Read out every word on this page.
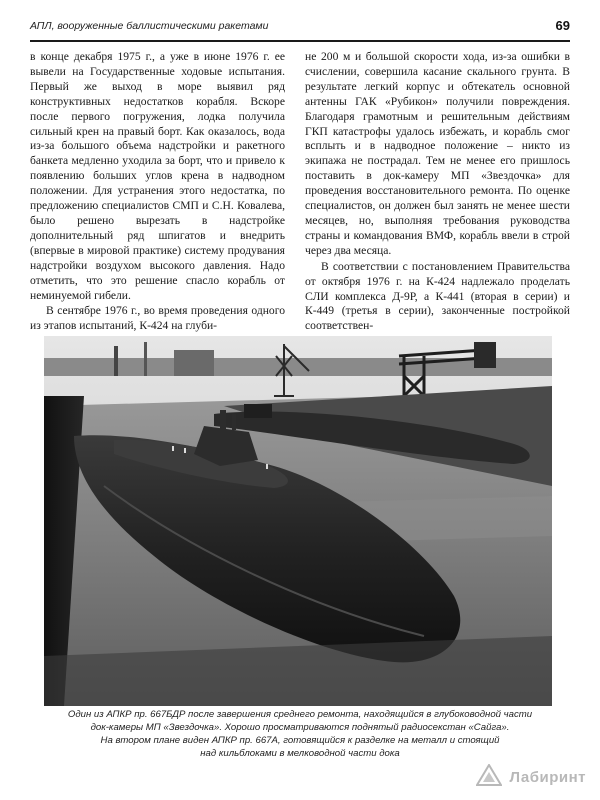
АПЛ, вооруженные баллистическими ракетами	69

в конце декабря 1975 г., а уже в июне 1976 г. ее вывели на Государственные ходовые испытания. Первый же выход в море выявил ряд конструктивных недостатков корабля. Вскоре после первого погружения, лодка получила сильный крен на правый борт. Как оказалось, вода из-за большого объема надстройки и ракетного банкета медленно уходила за борт, что и привело к появлению больших углов крена в надводном положении. Для устранения этого недостатка, по предложению специалистов СМП и С.Н. Ковалева, было решено вырезать в надстройке дополнительный ряд шпигатов и внедрить (впервые в мировой практике) систему продувания надстройки воздухом высокого давления. Надо отметить, что это решение спасло корабль от неминуемой гибели.

В сентябре 1976 г., во время проведения одного из этапов испытаний, К-424 на глуби-

не 200 м и большой скорости хода, из-за ошибки в счислении, совершила касание скального грунта. В результате легкий корпус и обтекатель основной антенны ГАК «Рубикон» получили повреждения. Благодаря грамотным и решительным действиям ГКП катастрофы удалось избежать, и корабль смог всплыть и в надводное положение – никто из экипажа не пострадал. Тем не менее его пришлось поставить в док-камеру МП «Звездочка» для проведения восстановительного ремонта. По оценке специалистов, он должен был занять не менее шести месяцев, но, выполняя требования руководства страны и командования ВМФ, корабль ввели в строй через два месяца.

В соответствии с постановлением Правительства от октября 1976 г. на К-424 надлежало проделать СЛИ комплекса Д-9Р, а К-441 (вторая в серии) и К-449 (третья в серии), законченные постройкой соответствен-

Один из АПКР пр. 667БДР после завершения среднего ремонта, находящийся в глубоководной части
док-камеры МП «Звездочка». Хорошо просматриваются поднятый радиосекстан «Сайга».
На втором плане виден АПКР пр. 667А, готовящийся к разделке на металл и стоящий
над кильблоками в мелководной части дока
Лабиринт
